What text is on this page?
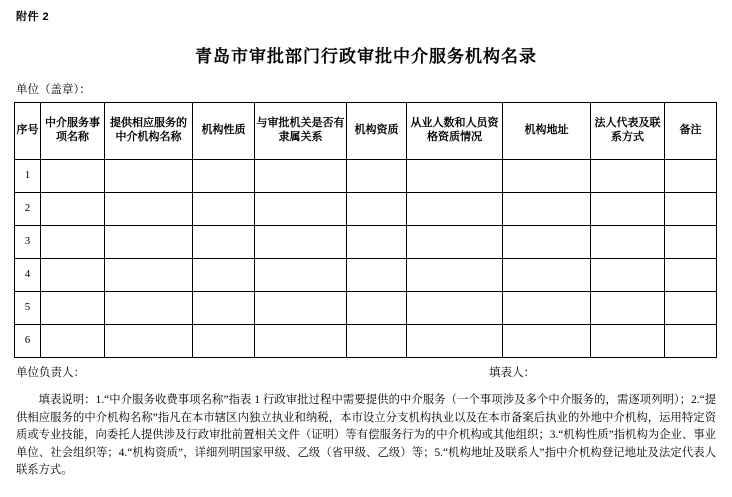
附件 2
青岛市审批部门行政审批中介服务机构名录
单位（盖章）：
序号	中介服务事项名称	提供相应服务的中介机构名称	机构性质	与审批机关是否有隶属关系	机构资质	从业人数和人员资格资质情况	机构地址	法人代表及联系方式	备注
1									
2									
3									
4									
5									
6									
单位负责人：	填表人：

填表说明：1.“中介服务收费事项名称”指表 1 行政审批过程中需要提供的中介服务（一个事项涉及多个中介服务的，需逐项列明）；2.“提供相应服务的中介机构名称”指凡在本市辖区内独立执业和纳税，本市设立分支机构执业以及在本市备案后执业的外地中介机构，运用特定资质或专业技能，向委托人提供涉及行政审批前置相关文件（证明）等有偿服务行为的中介机构或其他组织；3.“机构性质”指机构为企业、事业单位、社会组织等；4.“机构资质”，详细列明国家甲级、乙级（省甲级、乙级）等；5.“机构地址及联系人”指中介机构登记地址及法定代表人联系方式。
